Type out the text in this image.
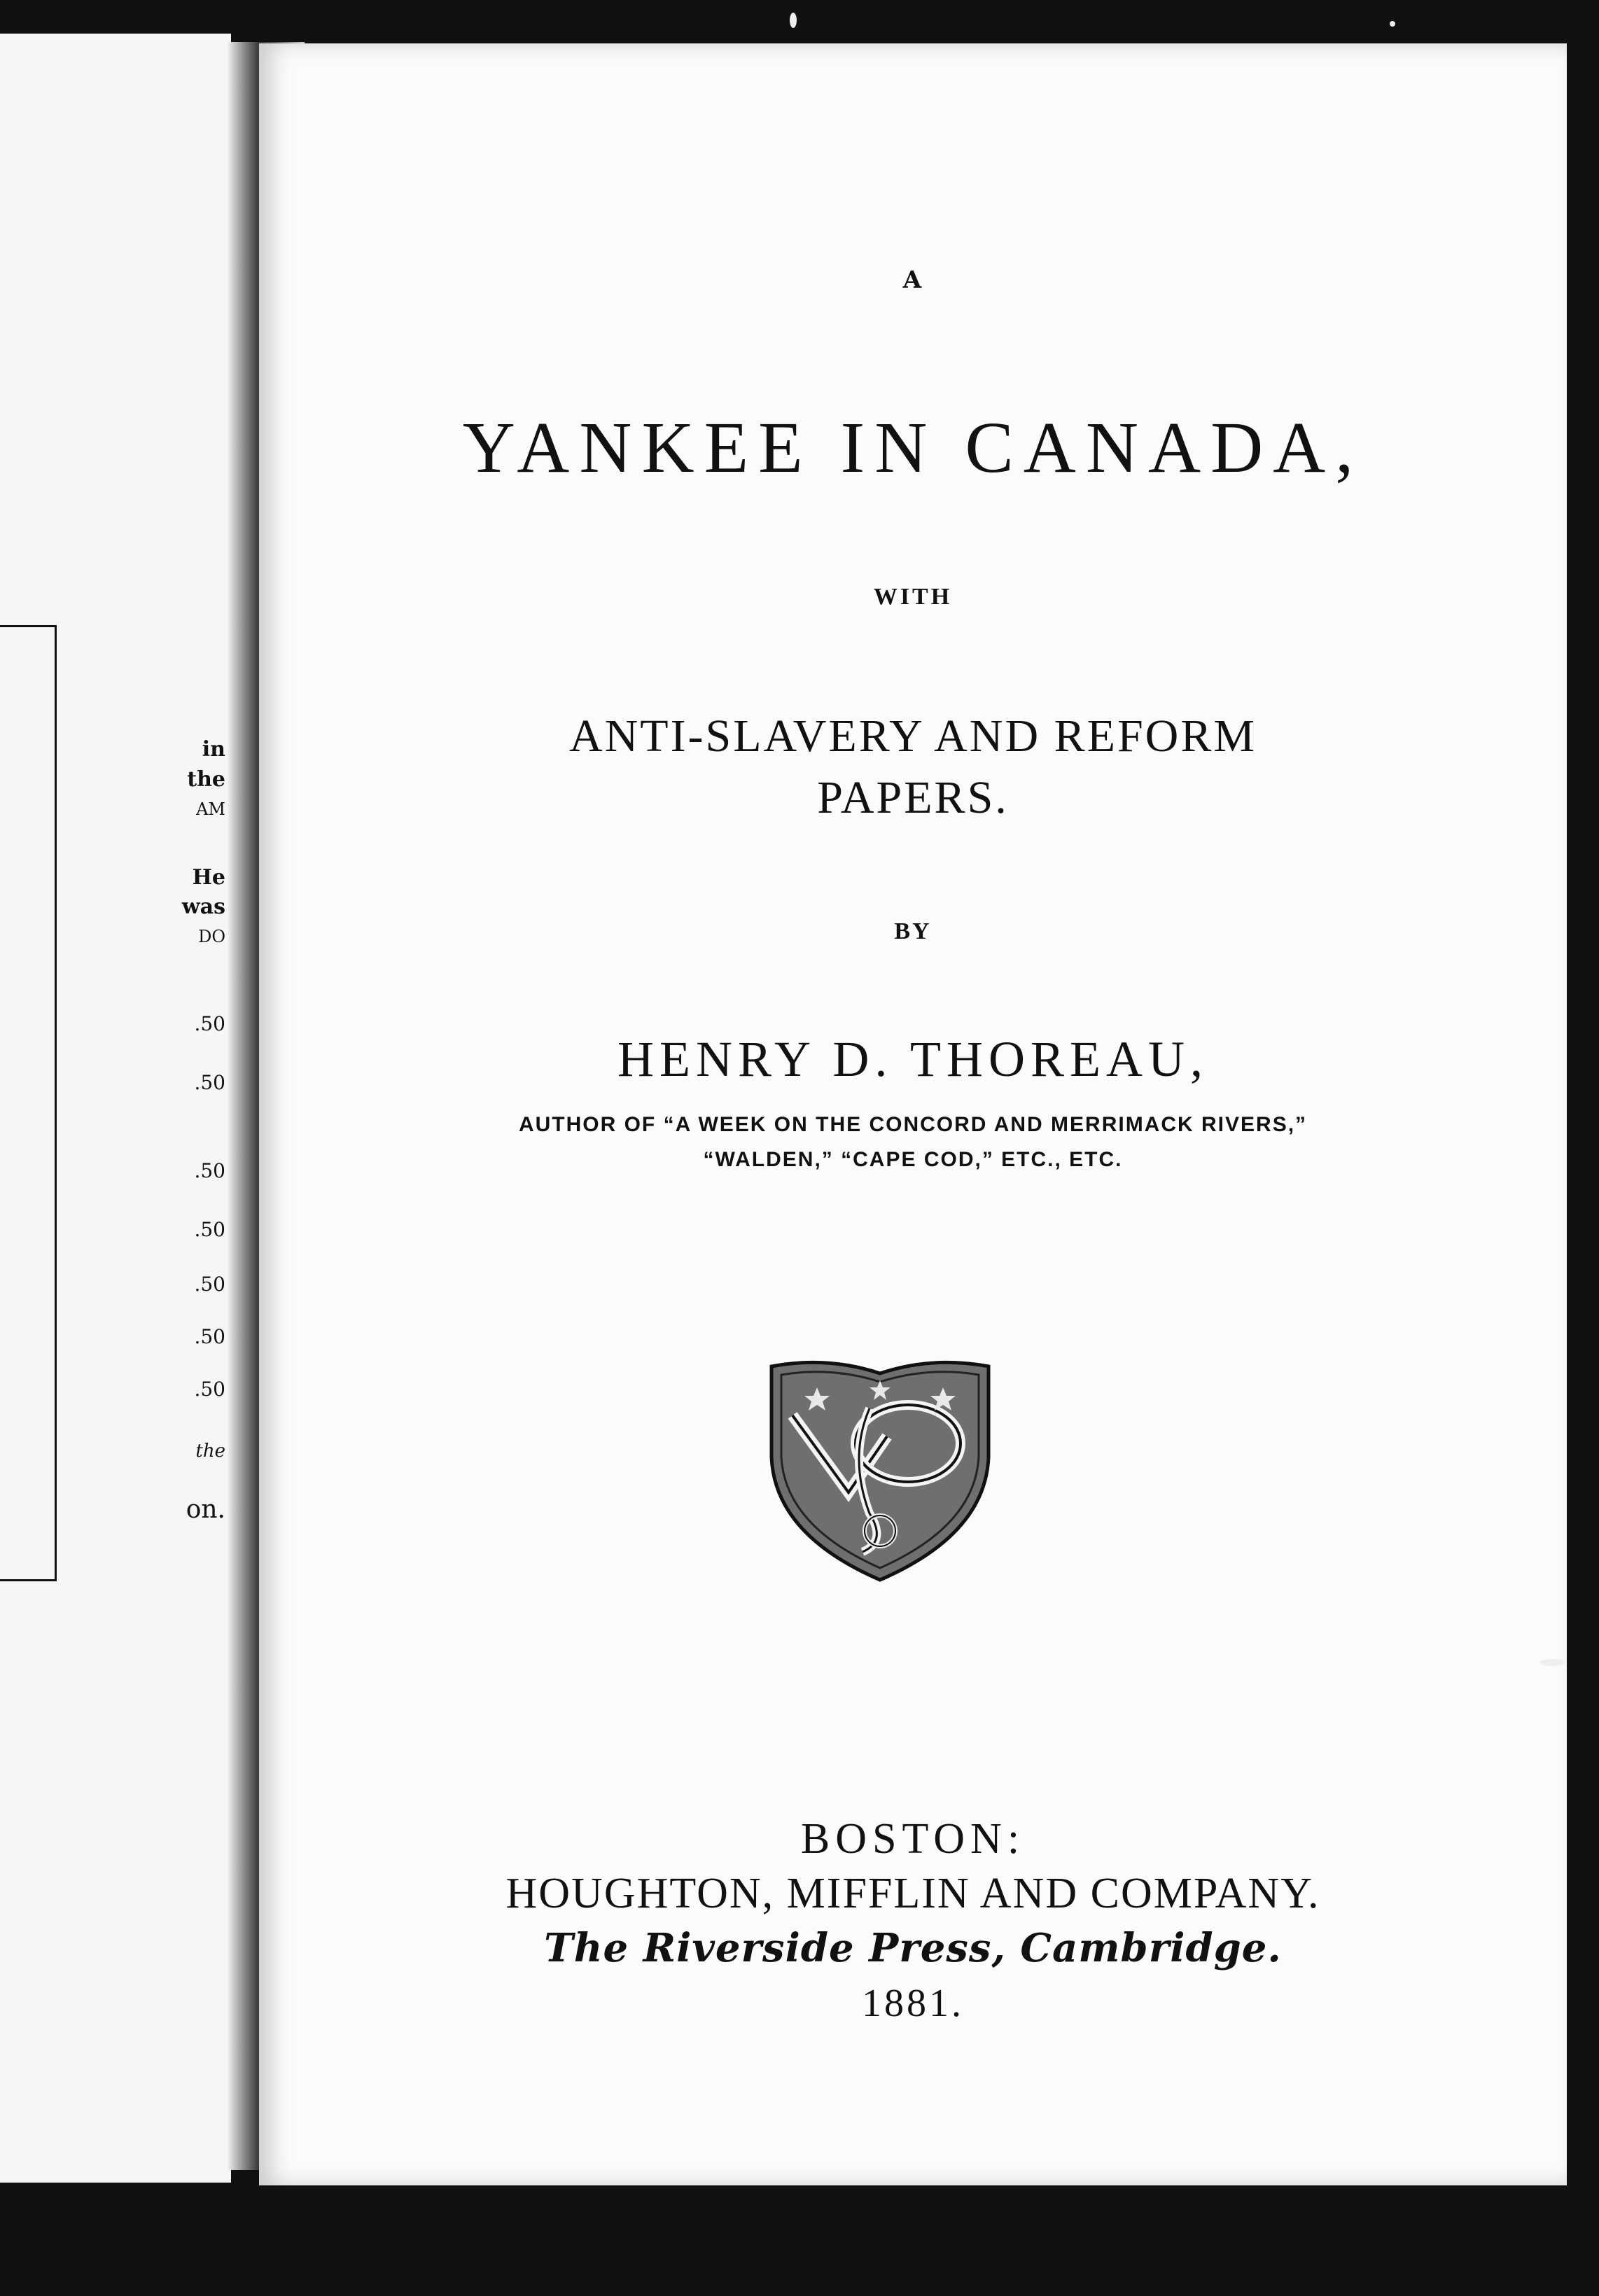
in
the
AM
He
was
DO
.50
.50
.50
.50
.50
.50
.50
the
on.
A
YANKEE IN CANADA,
WITH
ANTI-SLAVERY AND REFORM
PAPERS.
BY
HENRY D. THOREAU,
AUTHOR OF “A WEEK ON THE CONCORD AND MERRIMACK RIVERS,”
“WALDEN,” “CAPE COD,” ETC., ETC.
BOSTON:
HOUGHTON, MIFFLIN AND COMPANY.
The Riverside Press, Cambridge.
1881.
